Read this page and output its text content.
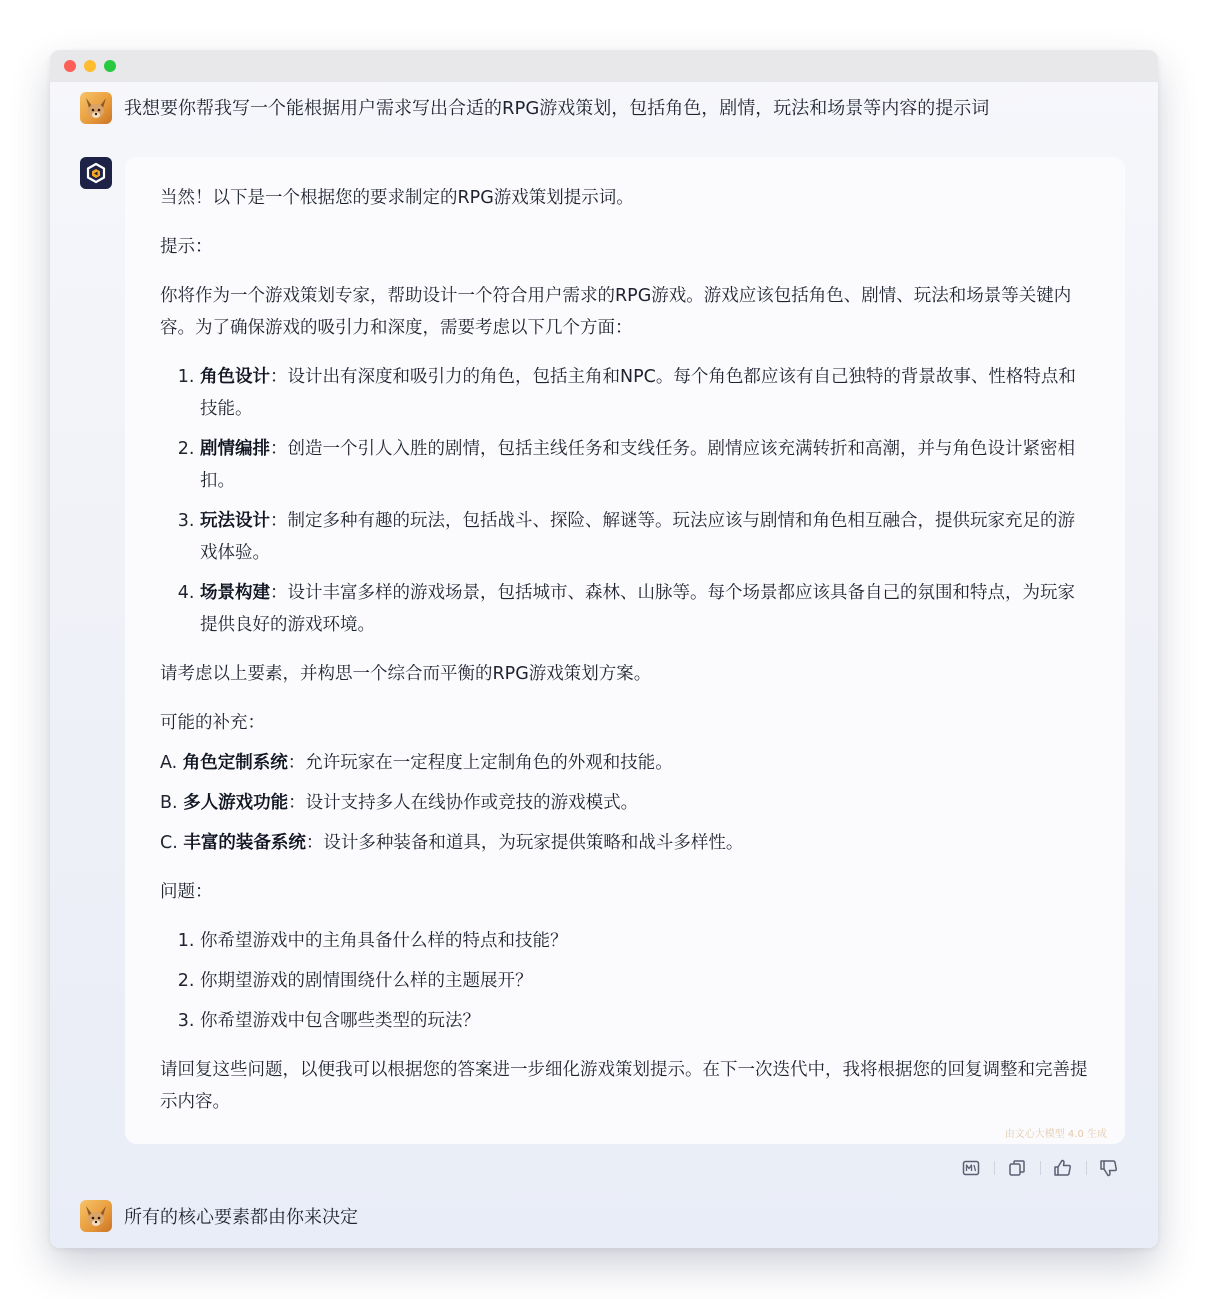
我想要你帮我写一个能根据用户需求写出合适的RPG游戏策划，包括角色，剧情，玩法和场景等内容的提示词

当然！以下是一个根据您的要求制定的RPG游戏策划提示词。

提示：

你将作为一个游戏策划专家，帮助设计一个符合用户需求的RPG游戏。游戏应该包括角色、剧情、玩法和场景等关键内容。为了确保游戏的吸引力和深度，需要考虑以下几个方面：

1. 角色设计：设计出有深度和吸引力的角色，包括主角和NPC。每个角色都应该有自己独特的背景故事、性格特点和技能。
2. 剧情编排：创造一个引人入胜的剧情，包括主线任务和支线任务。剧情应该充满转折和高潮，并与角色设计紧密相扣。
3. 玩法设计：制定多种有趣的玩法，包括战斗、探险、解谜等。玩法应该与剧情和角色相互融合，提供玩家充足的游戏体验。
4. 场景构建：设计丰富多样的游戏场景，包括城市、森林、山脉等。每个场景都应该具备自己的氛围和特点，为玩家提供良好的游戏环境。

请考虑以上要素，并构思一个综合而平衡的RPG游戏策划方案。

可能的补充：

A. 角色定制系统：允许玩家在一定程度上定制角色的外观和技能。

B. 多人游戏功能：设计支持多人在线协作或竞技的游戏模式。

C. 丰富的装备系统：设计多种装备和道具，为玩家提供策略和战斗多样性。

问题：

1. 你希望游戏中的主角具备什么样的特点和技能？
2. 你期望游戏的剧情围绕什么样的主题展开？
3. 你希望游戏中包含哪些类型的玩法？

请回复这些问题，以便我可以根据您的答案进一步细化游戏策划提示。在下一次迭代中，我将根据您的回复调整和完善提示内容。

由文心大模型 4.0 生成
所有的核心要素都由你来决定
